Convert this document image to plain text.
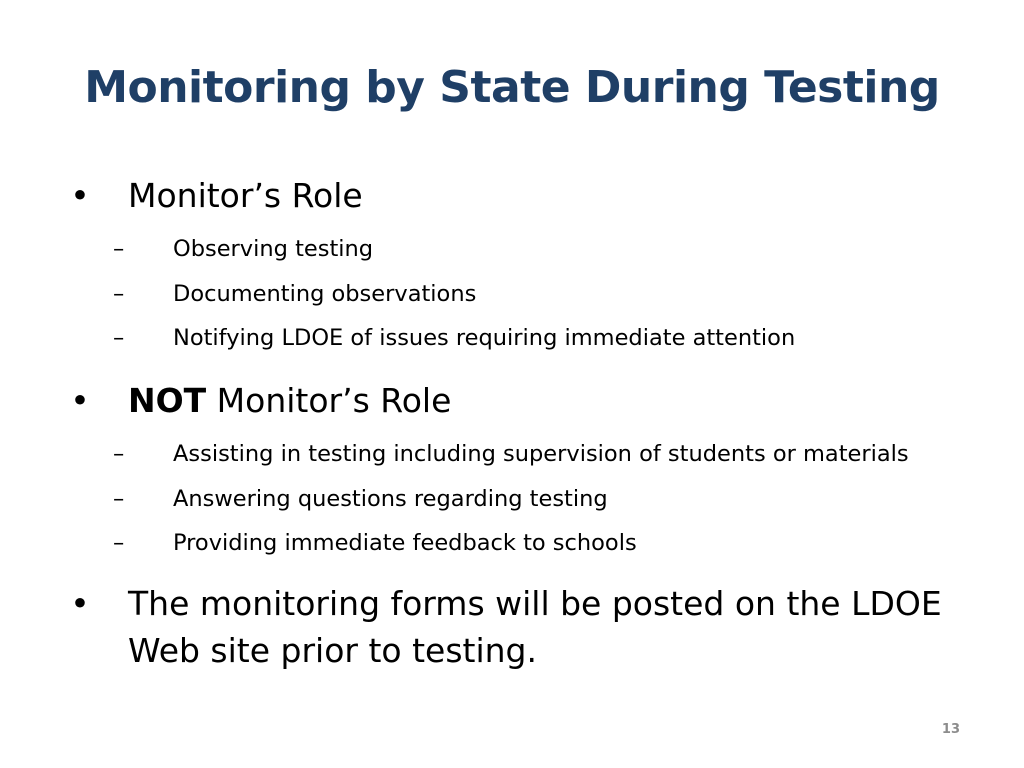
Monitoring by State During Testing
• Monitor’s Role
– Observing testing
– Documenting observations
– Notifying LDOE of issues requiring immediate attention
• NOT Monitor’s Role
– Assisting in testing including supervision of students or materials
– Answering questions regarding testing
– Providing immediate feedback to schools
• The monitoring forms will be posted on the LDOE Web site prior to testing.
13
